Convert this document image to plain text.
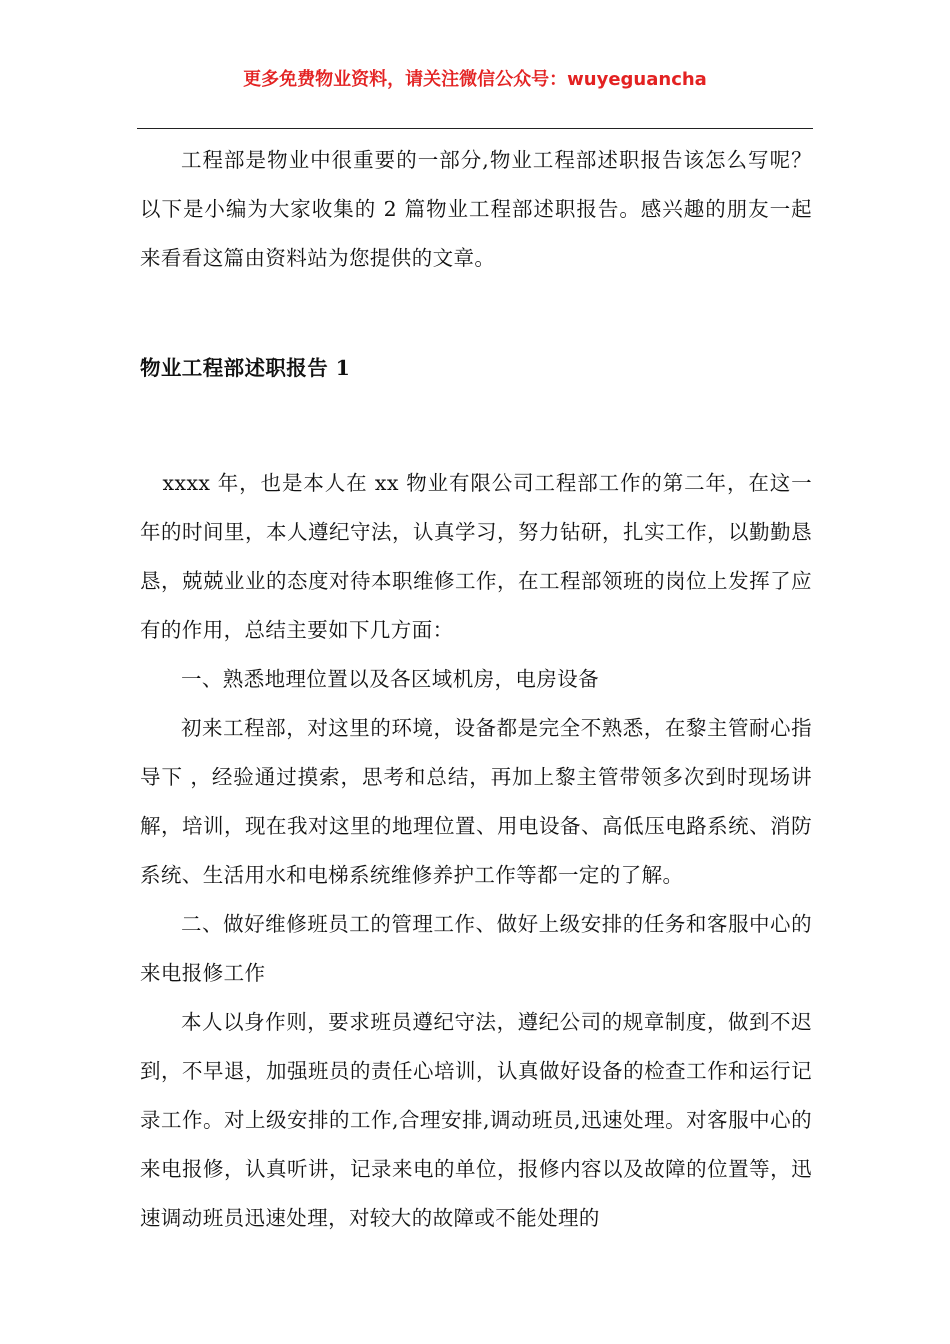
更多免费物业资料，请关注微信公众号：wuyeguancha

工程部是物业中很重要的一部分,物业工程部述职报告该怎么写呢？以下是小编为大家收集的 2 篇物业工程部述职报告。感兴趣的朋友一起来看看这篇由资料站为您提供的文章。

物业工程部述职报告 1

xxxx 年，也是本人在 xx 物业有限公司工程部工作的第二年，在这一年的时间里，本人遵纪守法，认真学习，努力钻研，扎实工作，以勤勤恳恳，兢兢业业的态度对待本职维修工作，在工程部领班的岗位上发挥了应有的作用，总结主要如下几方面：

一、熟悉地理位置以及各区域机房，电房设备

初来工程部，对这里的环境，设备都是完全不熟悉，在黎主管耐心指导下 ，经验通过摸索，思考和总结，再加上黎主管带领多次到时现场讲解，培训，现在我对这里的地理位置、用电设备、高低压电路系统、消防系统、生活用水和电梯系统维修养护工作等都一定的了解。

二、做好维修班员工的管理工作、做好上级安排的任务和客服中心的来电报修工作

本人以身作则，要求班员遵纪守法，遵纪公司的规章制度，做到不迟到，不早退，加强班员的责任心培训，认真做好设备的检查工作和运行记录工作。对上级安排的工作,合理安排,调动班员,迅速处理。对客服中心的来电报修，认真听讲，记录来电的单位，报修内容以及故障的位置等，迅速调动班员迅速处理，对较大的故障或不能处理的
